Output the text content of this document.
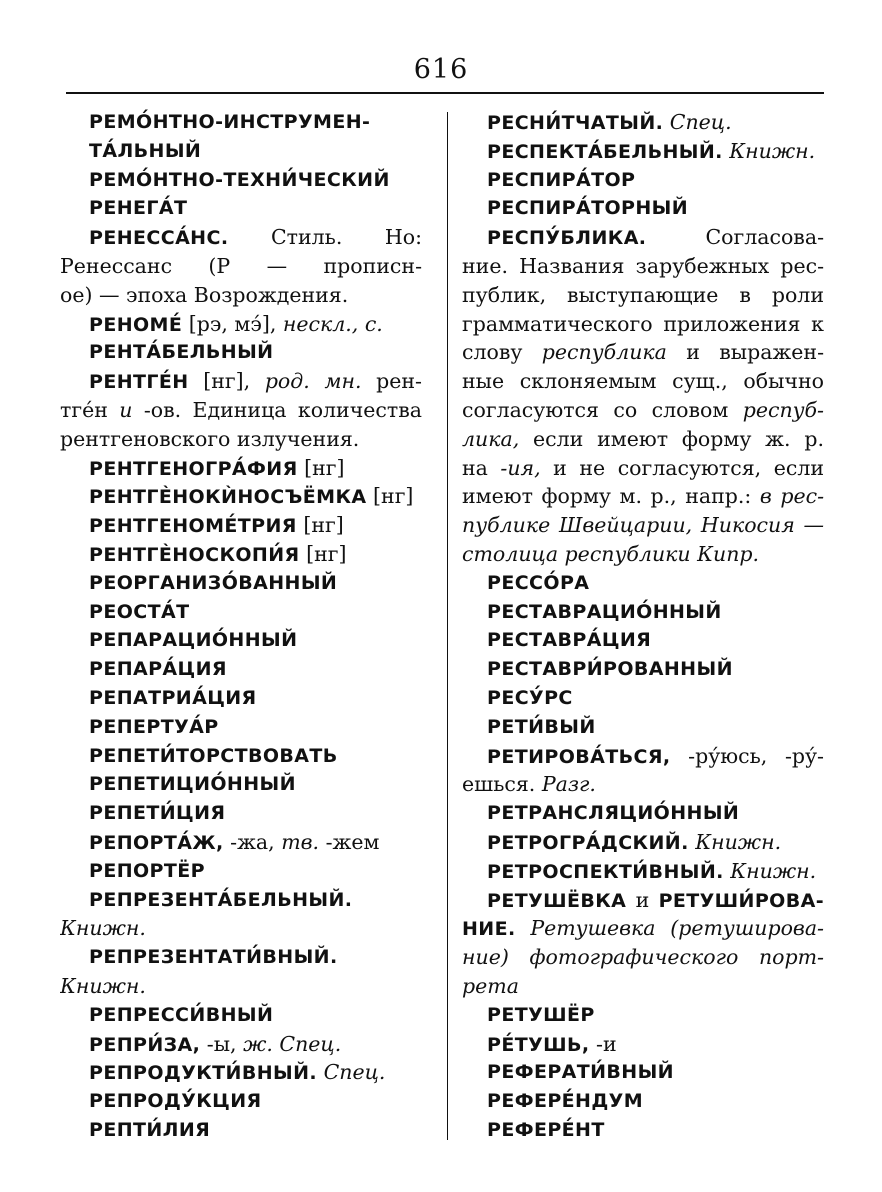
616
РЕМО́НТНО-ИНСТРУМЕН-
ТА́ЛЬНЫЙ
РЕМО́НТНО-ТЕХНИ́ЧЕСКИЙ
РЕНЕГА́Т
РЕНЕССА́НС. Стиль. Но:
Ренессанс (Р — прописн-
ое) — эпоха Возрождения.
РЕНОМЕ́ [рэ, мэ́], нескл., с.
РЕНТА́БЕЛЬНЫЙ
РЕНТГЕ́Н [нг], род. мн. рен-
тге́н и -ов. Единица количества
рентгеновского излучения.
РЕНТГЕНОГРА́ФИЯ [нг]
РЕНТГЀНОКЍНОСЪЁМКА [нг]
РЕНТГЕНОМЕ́ТРИЯ [нг]
РЕНТГЀНОСКОПИ́Я [нг]
РЕОРГАНИЗО́ВАННЫЙ
РЕОСТА́Т
РЕПАРАЦИО́ННЫЙ
РЕПАРА́ЦИЯ
РЕПАТРИА́ЦИЯ
РЕПЕРТУА́Р
РЕПЕТИ́ТОРСТВОВАТЬ
РЕПЕТИЦИО́ННЫЙ
РЕПЕТИ́ЦИЯ
РЕПОРТА́Ж, -жа, тв. -жем
РЕПОРТЁР
РЕПРЕЗЕНТА́БЕЛЬНЫЙ.
Книжн.
РЕПРЕЗЕНТАТИ́ВНЫЙ.
Книжн.
РЕПРЕССИ́ВНЫЙ
РЕПРИ́ЗА, -ы, ж. Спец.
РЕПРОДУКТИ́ВНЫЙ. Спец.
РЕПРОДУ́КЦИЯ
РЕПТИ́ЛИЯ
РЕСНИ́ТЧАТЫЙ. Спец.
РЕСПЕКТА́БЕЛЬНЫЙ. Книжн.
РЕСПИРА́ТОР
РЕСПИРА́ТОРНЫЙ
РЕСПУ́БЛИКА. Согласова-
ние. Названия зарубежных рес-
публик, выступающие в роли
грамматического приложения к
слову республика и выражен-
ные склоняемым сущ., обычно
согласуются со словом респуб-
лика, если имеют форму ж. р.
на -ия, и не согласуются, если
имеют форму м. р., напр.: в рес-
публике Швейцарии, Никосия —
столица республики Кипр.
РЕССО́РА
РЕСТАВРАЦИО́ННЫЙ
РЕСТАВРА́ЦИЯ
РЕСТАВРИ́РОВАННЫЙ
РЕСУ́РС
РЕТИ́ВЫЙ
РЕТИРОВА́ТЬСЯ, -ру́юсь, -ру́-
ешься. Разг.
РЕТРАНСЛЯЦИО́ННЫЙ
РЕТРОГРА́ДСКИЙ. Книжн.
РЕТРОСПЕКТИ́ВНЫЙ. Книжн.
РЕТУШЁВКА и РЕТУШИ́РОВА-
НИЕ. Ретушевка (ретуширова-
ние) фотографического порт-
рета
РЕТУШЁР
РЕ́ТУШЬ, -и
РЕФЕРАТИ́ВНЫЙ
РЕФЕРЕ́НДУМ
РЕФЕРЕ́НТ
